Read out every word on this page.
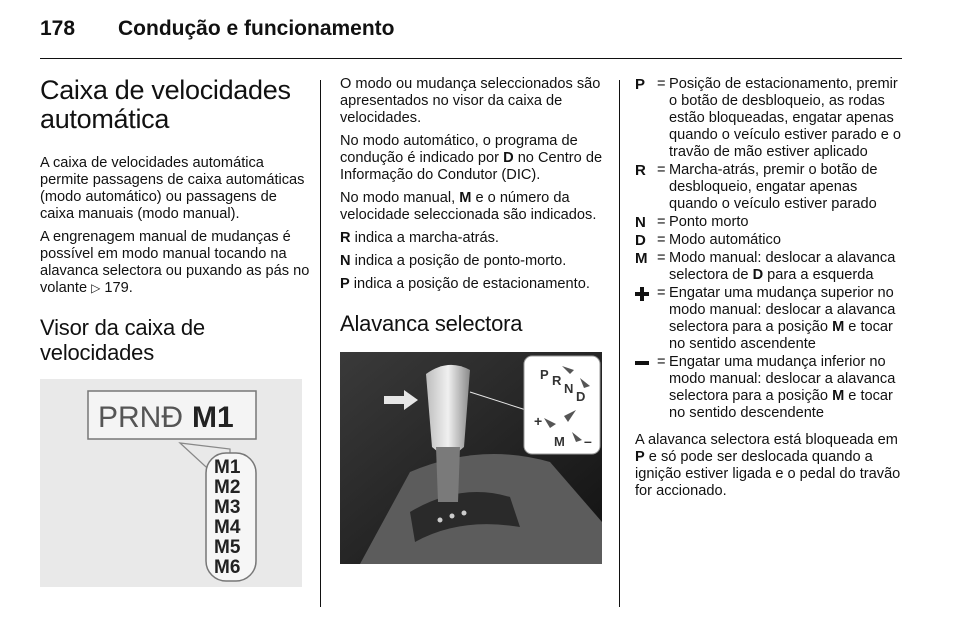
178 Condução e funcionamento
Caixa de velocidades automática

A caixa de velocidades automática permite passagens de caixa automáticas (modo automático) ou passagens de caixa manuais (modo manual).

A engrenagem manual de mudanças é possível em modo manual tocando na alavanca selectora ou puxando as pás no volante ▷ 179.

Visor da caixa de velocidades
PRNĐ M1
M1
M2
M3
M4
M5
M6

O modo ou mudança seleccionados são apresentados no visor da caixa de velocidades.

No modo automático, o programa de condução é indicado por D no Centro de Informação do Condutor (DIC).

No modo manual, M e o número da velocidade seleccionada são indicados.

R indica a marcha-atrás.

N indica a posição de ponto-morto.

P indica a posição de estacionamento.

Alavanca selectora
P R
N
D
+
M –
P = Posição de estacionamento, premir o botão de desbloqueio, as rodas estão bloqueadas, engatar apenas quando o veículo estiver parado e o travão de mão estiver aplicado
R = Marcha-atrás, premir o botão de desbloqueio, engatar apenas quando o veículo estiver parado
N = Ponto morto
D = Modo automático
M = Modo manual: deslocar a alavanca selectora de D para a esquerda
= Engatar uma mudança superior no modo manual: deslocar a alavanca selectora para a posição M e tocar no sentido ascendente
= Engatar uma mudança inferior no modo manual: deslocar a alavanca selectora para a posição M e tocar no sentido descendente

A alavanca selectora está bloqueada em P e só pode ser deslocada quando a ignição estiver ligada e o pedal do travão for accionado.
